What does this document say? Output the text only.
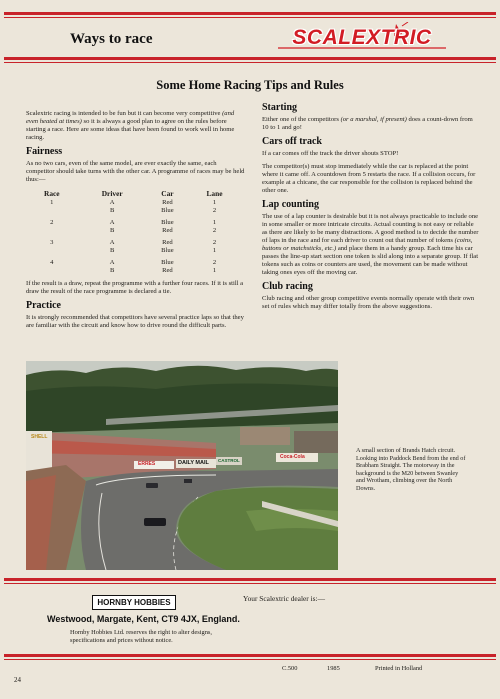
Ways to race	SCALEXTRIC
Some Home Racing Tips and Rules

Scalextric racing is intended to be fun but it can become very competitive (and even heated at times) so it is always a good plan to agree on the rules before starting a race. Here are some ideas that have been found to work well in home racing.

Fairness

As no two cars, even of the same model, are ever exactly the same, each competitor should take turns with the other car. A programme of races may be held thus:—

Race	Driver	Car	Lane
1	A	Red	1
	B	Blue	2

2	A	Blue	1
	B	Red	2

3	A	Red	2
	B	Blue	1

4	A	Blue	2
	B	Red	1

If the result is a draw, repeat the programme with a further four races. If it is still a draw the result of the race programme is declared a tie.

Practice

It is strongly recommended that competitors have several practice laps so that they are familiar with the circuit and know how to drive round the difficult parts.

Starting

Either one of the competitors (or a marshal, if present) does a count-down from 10 to 1 and go!

Cars off track

If a car comes off the track the driver shouts STOP!

The competitor(s) must stop immediately while the car is replaced at the point where it came off. A countdown from 5 restarts the race. If a collision occurs, for example at a chicane, the car responsible for the collision is replaced behind the other one.

Lap counting

The use of a lap counter is desirable but it is not always practicable to include one in some smaller or more intricate circuits. Actual counting is not easy or reliable as there are likely to be many distractions. A good method is to decide the number of laps in the race and for each driver to count out that number of tokens (coins, buttons or matchsticks, etc.) and place them in a handy group. Each time his car passes the line-up start section one token is slid along into a separate group. If flat tokens such as coins or counters are used, the movement can be made without taking ones eyes off the moving car.

Club racing

Club racing and other group competitive events normally operate with their own set of rules which may differ totally from the above suggestions.

ERRES	DAILY MAIL CASTROL
Coca-Cola
SHELL
A small section of Brands Hatch circuit. Looking into Paddock Bend from the end of Brabham Straight. The motorway in the background is the M20 between Swanley and Wrotham, climbing over the North Downs.
HORNBY HOBBIES
Westwood, Margate, Kent, CT9 4JX, England.
Hornby Hobbies Ltd. reserves the right to alter designs, specifications and prices without notice.
Your Scalextric dealer is:—
C.500	1985	Printed in Holland
24
